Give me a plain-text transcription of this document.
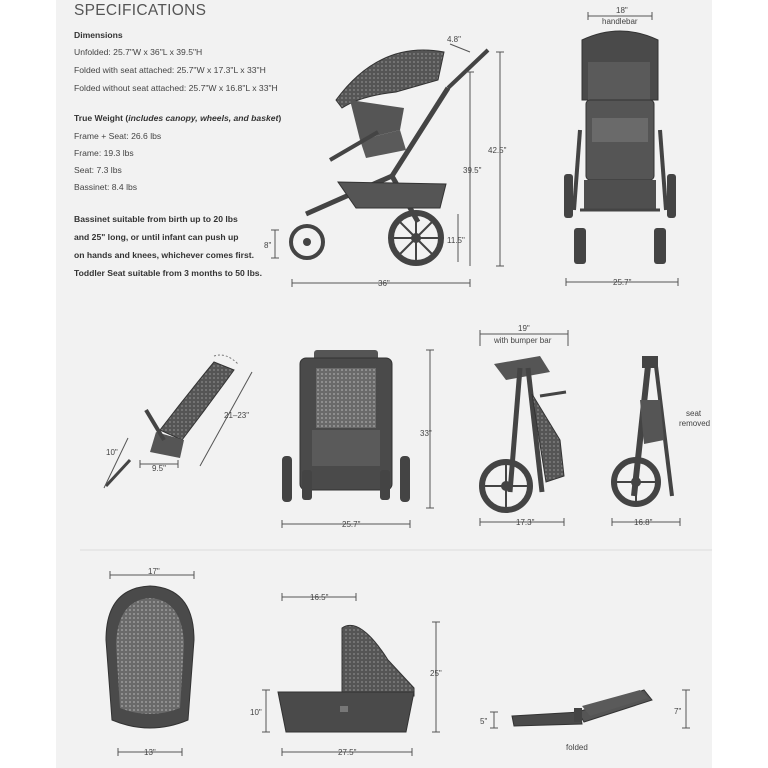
SPECIFICATIONS
Dimensions
Unfolded: 25.7"W x 36"L x 39.5"H
Folded with seat attached: 25.7"W x 17.3"L x 33"H
Folded without seat attached: 25.7"W x 16.8"L x 33"H
True Weight (includes canopy, wheels, and basket)
Frame + Seat: 26.6 lbs
Frame: 19.3 lbs
Seat: 7.3 lbs
Bassinet: 8.4 lbs
Bassinet suitable from birth up to 20 lbs
and 25" long, or until infant can push up
on hands and knees, whichever comes first.
Toddler Seat suitable from 3 months to 50 lbs.
4.8"
42.5"
39.5"
8"
11.5"
36"
18"
handlebar
25.7"
10"
9.5"
21–23"
33"
25.7"
19"
with bumper bar
17.3"
seat
removed
16.8"
17"
13"
16.5"
25"
10"
27.5"
5"
7"
folded
